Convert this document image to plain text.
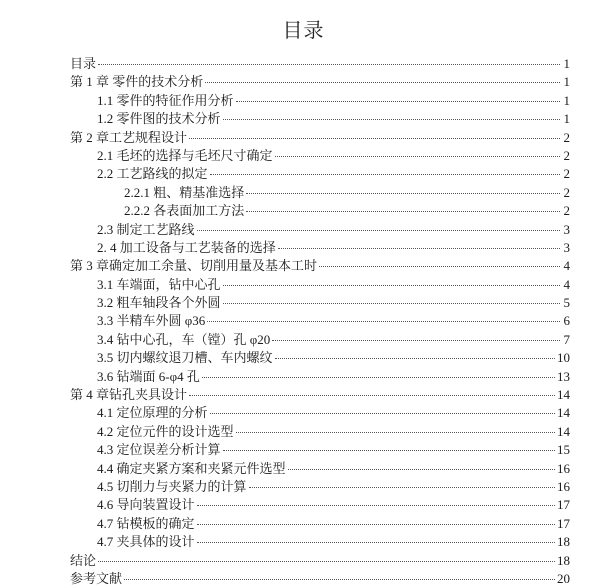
目录
目录	1
第 1 章 零件的技术分析	1
1.1 零件的特征作用分析	1
1.2 零件图的技术分析	1
第 2 章工艺规程设计	2
2.1 毛坯的选择与毛坯尺寸确定	2
2.2 工艺路线的拟定	2
2.2.1 粗、精基准选择	2
2.2.2 各表面加工方法	2
2.3 制定工艺路线	3
2. 4 加工设备与工艺装备的选择	3
第 3 章确定加工余量、切削用量及基本工时	4
3.1 车端面，钻中心孔	4
3.2 粗车轴段各个外圆	5
3.3 半精车外圆 φ36	6
3.4 钻中心孔，车（镗）孔 φ20	7
3.5 切内螺纹退刀槽、车内螺纹	10
3.6 钻端面 6-φ4 孔	13
第 4 章钻孔夹具设计	14
4.1 定位原理的分析	14
4.2 定位元件的设计选型	14
4.3 定位误差分析计算	15
4.4 确定夹紧方案和夹紧元件选型	16
4.5 切削力与夹紧力的计算	16
4.6 导向装置设计	17
4.7 钻模板的确定	17
4.7 夹具体的设计	18
结论	18
参考文献	20
